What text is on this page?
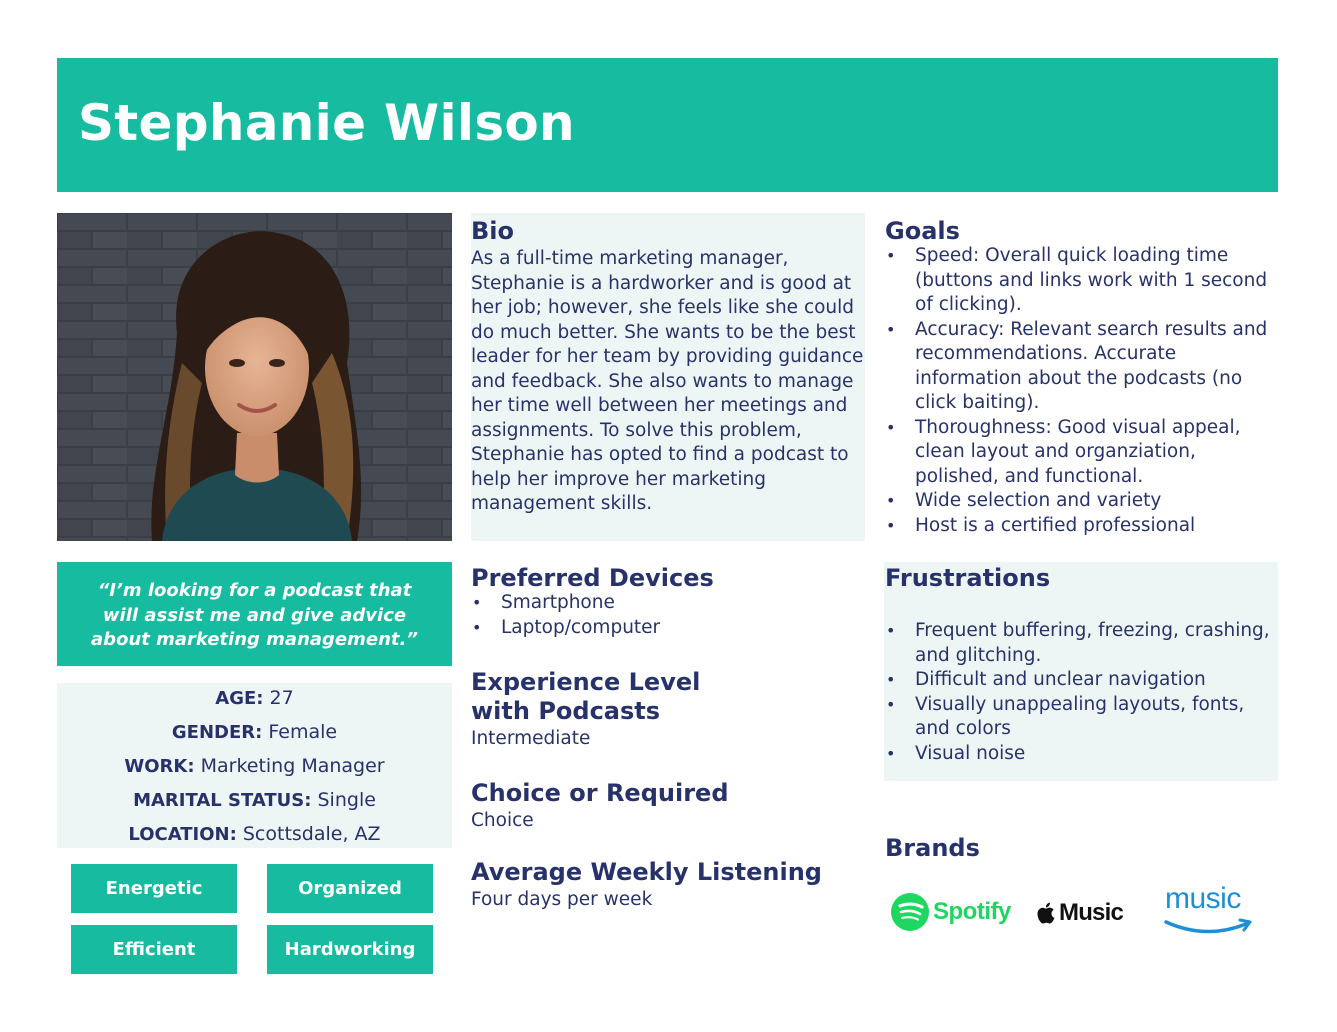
Stephanie Wilson
“I’m looking for a podcast that will assist me and give advice about marketing management.”
AGE: 27
GENDER: Female
WORK: Marketing Manager
MARITAL STATUS: Single
LOCATION: Scottsdale, AZ
Energetic	Organized
Efficient	Hardworking
Bio
As a full-time marketing manager, Stephanie is a hardworker and is good at her job; however, she feels like she could do much better. She wants to be the best leader for her team by providing guidance and feedback. She also wants to manage her time well between her meetings and assignments. To solve this problem, Stephanie has opted to find a podcast to help her improve her marketing management skills.
Goals
• Speed: Overall quick loading time (buttons and links work with 1 second of clicking).
• Accuracy: Relevant search results and recommendations. Accurate information about the podcasts (no click baiting).
• Thoroughness: Good visual appeal, clean layout and organziation, polished, and functional.
• Wide selection and variety
• Host is a certified professional
Preferred Devices
• Smartphone
• Laptop/computer
Experience Level
with Podcasts
Intermediate
Choice or Required
Choice
Average Weekly Listening
Four days per week
Frustrations
• Frequent buffering, freezing, crashing, and glitching.
• Difficult and unclear navigation
• Visually unappealing layouts, fonts, and colors
• Visual noise
Brands
Spotify Music music
